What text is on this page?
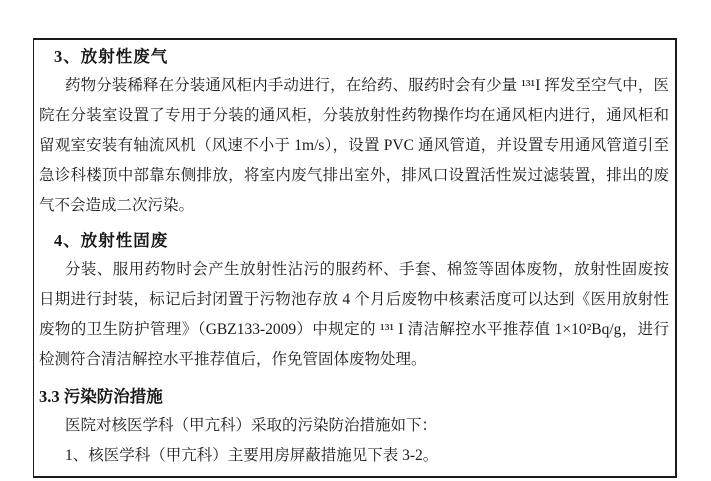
3、放射性废气
药物分装稀释在分装通风柜内手动进行，在给药、服药时会有少量 ¹³¹I 挥发至空气中，医院在分装室设置了专用于分装的通风柜，分装放射性药物操作均在通风柜内进行，通风柜和留观室安装有轴流风机（风速不小于 1m/s），设置 PVC 通风管道，并设置专用通风管道引至急诊科楼顶中部靠东侧排放，将室内废气排出室外，排风口设置活性炭过滤装置，排出的废气不会造成二次污染。
4、放射性固废
分装、服用药物时会产生放射性沾污的服药杯、手套、棉签等固体废物，放射性固废按日期进行封装，标记后封闭置于污物池存放 4 个月后废物中核素活度可以达到《医用放射性废物的卫生防护管理》（GBZ133-2009）中规定的 ¹³¹ I 清洁解控水平推荐值 1×10²Bq/g，进行检测符合清洁解控水平推荐值后，作免管固体废物处理。
3.3 污染防治措施
医院对核医学科（甲亢科）采取的污染防治措施如下：
1、核医学科（甲亢科）主要用房屏蔽措施见下表 3-2。
